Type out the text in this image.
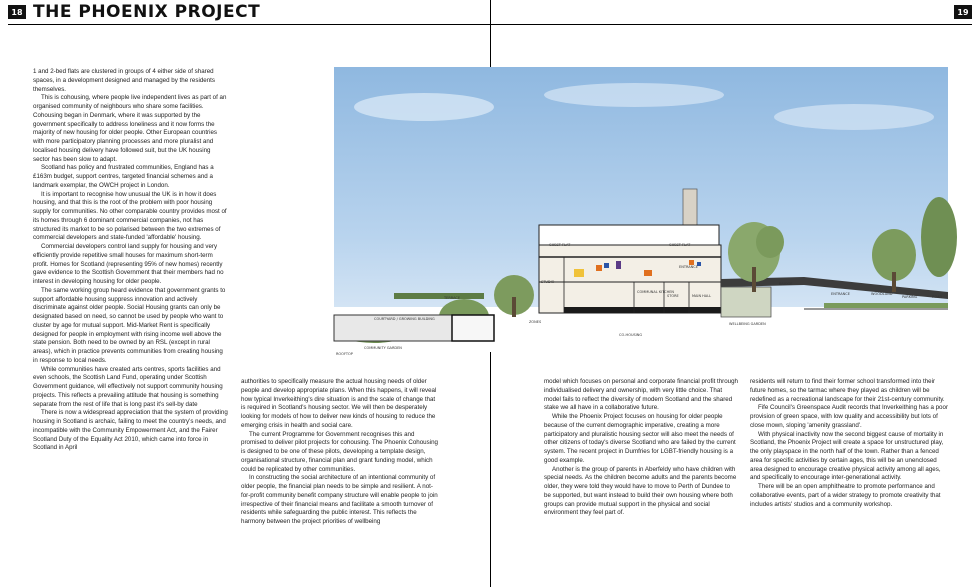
18 THE PHOENIX PROJECT	19
GUEST FLAT	GUEST FLAT
TERRACE
COURTYARD / GROWING BUILDING
ROOFTOP
COMMUNITY GARDEN
STUDIO
ENTRANCE
COMMUNAL KITCHEN
STORE	MAIN HALL
ZONES
CO-HOUSING
WELLBEING GARDEN
ENTRANCE	WOODLAND
PARKING	ROAD
BRIDGE

1 and 2-bed flats are clustered in groups of 4 either side of shared spaces, in a development designed and managed by the residents themselves.

This is cohousing, where people live independent lives as part of an organised community of neighbours who share some facilities. Cohousing began in Denmark, where it was supported by the government specifically to address loneliness and it now forms the majority of new housing for older people. Other European countries with more participatory planning processes and more pluralist and localised housing delivery have followed suit, but the UK housing sector has been slow to adapt.

Scotland has policy and frustrated communities, England has a £163m budget, support centres, targeted financial schemes and a landmark exemplar, the OWCH project in London.

It is important to recognise how unusual the UK is in how it does housing, and that this is the root of the problem with poor housing supply for communities. No other comparable country provides most of its homes through 6 dominant commercial companies, not has structured its market to be so polarised between the two extremes of commercial developers and state-funded 'affordable' housing.

Commercial developers control land supply for housing and very efficiently provide repetitive small houses for maximum short-term profit. Homes for Scotland (representing 95% of new homes) recently gave evidence to the Scottish Government that their members had no interest in developing housing for older people.

The same working group heard evidence that government grants to support affordable housing suppress innovation and actively discriminate against older people. Social Housing grants can only be designated based on need, so cannot be used by people who want to cluster by age for mutual support. Mid-Market Rent is specifically designed for people in employment with rising income well above the state pension. Both need to be owned by an RSL (except in rural areas), which in practice prevents communities from creating housing in response to local needs.

While communities have created arts centres, sports facilities and even schools, the Scottish Land Fund, operating under Scottish Government guidance, will effectively not support community housing projects. This reflects a prevailing attitude that housing is something separate from the rest of life that is long past it's sell-by date

There is now a widespread appreciation that the system of providing housing in Scotland is archaic, failing to meet the country's needs, and incompatible with the Community Empowerment Act, and the Fairer Scotland Duty of the Equality Act 2010, which came into force in Scotland in April

authorities to specifically measure the actual housing needs of older people and develop appropriate plans. When this happens, it will reveal how typical Inverkeithing's dire situation is and the scale of change that is required in Scotland's housing sector. We will then be desperately looking for models of how to deliver new kinds of housing to reduce the emerging crisis in health and social care.

The current Programme for Government recognises this and promised to deliver pilot projects for cohousing. The Phoenix Cohousing is designed to be one of these pilots, developing a template design, organisational structure, financial plan and grant funding model, which could be replicated by other communities.

In constructing the social architecture of an intentional community of older people, the financial plan needs to be simple and resilient. A not-for-profit community benefit company structure will enable people to join irrespective of their financial means and facilitate a smooth turnover of residents while safeguarding the public interest. This reflects the harmony between the project priorities of wellbeing

model which focuses on personal and corporate financial profit through individualised delivery and ownership, with very little choice. That model fails to reflect the diversity of modern Scotland and the shared stake we all have in a collaborative future.

While the Phoenix Project focuses on housing for older people because of the current demographic imperative, creating a more participatory and pluralistic housing sector will also meet the needs of other citizens of today's diverse Scotland who are failed by the current system. The recent project in Dumfries for LGBT-friendly housing is a good example.

Another is the group of parents in Aberfeldy who have children with special needs. As the children become adults and the parents become older, they were told they would have to move to Perth of Dundee to be supported, but want instead to build their own housing where both groups can provide mutual support in the physical and social environment they feel part of.

residents will return to find their former school transformed into their future homes, so the tarmac where they played as children will be redefined as a recreational landscape for their 21st-century community.

Fife Council's Greenspace Audit records that Inverkeithing has a poor provision of green space, with low quality and accessibility but lots of close mown, sloping 'amenity grassland'.

With physical inactivity now the second biggest cause of mortality in Scotland, the Phoenix Project will create a space for unstructured play, the only playspace in the north half of the town. Rather than a fenced area for specific activities by certain ages, this will be an unenclosed area designed to encourage creative physical activity among all ages, and specifically to encourage inter-generational activity.

There will be an open amphitheatre to promote performance and collaborative events, part of a wider strategy to promote creativity that includes artists' studios and a community workshop.
